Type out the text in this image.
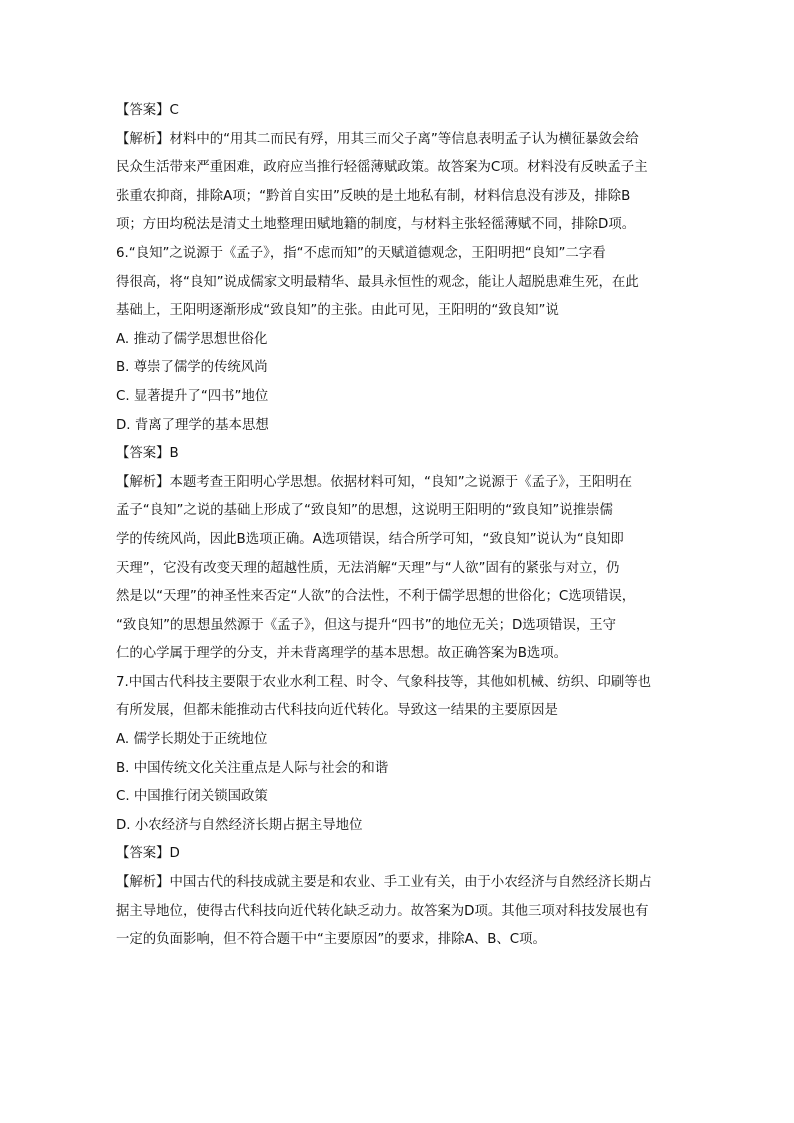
【答案】C

【解析】材料中的“用其二而民有殍，用其三而父子离”等信息表明孟子认为横征暴敛会给

民众生活带来严重困难，政府应当推行轻徭薄赋政策。故答案为C项。材料没有反映孟子主

张重农抑商，排除A项；“黔首自实田”反映的是土地私有制，材料信息没有涉及，排除B

项；方田均税法是清丈土地整理田赋地籍的制度，与材料主张轻徭薄赋不同，排除D项。

6.“良知”之说源于《孟子》，指“不虑而知”的天赋道德观念，王阳明把“良知”二字看

得很高，将“良知”说成儒家文明最精华、最具永恒性的观念，能让人超脱患难生死，在此

基础上，王阳明逐渐形成“致良知”的主张。由此可见，王阳明的“致良知”说

A. 推动了儒学思想世俗化

B. 尊崇了儒学的传统风尚

C. 显著提升了“四书”地位

D. 背离了理学的基本思想

【答案】B

【解析】本题考查王阳明心学思想。依据材料可知，“良知”之说源于《孟子》，王阳明在

孟子“良知”之说的基础上形成了“致良知”的思想，这说明王阳明的“致良知”说推崇儒

学的传统风尚，因此B选项正确。A选项错误，结合所学可知，“致良知”说认为“良知即

天理”，它没有改变天理的超越性质，无法消解“天理”与“人欲”固有的紧张与对立，仍

然是以“天理”的神圣性来否定“人欲”的合法性，不利于儒学思想的世俗化；C选项错误，

“致良知”的思想虽然源于《孟子》，但这与提升“四书”的地位无关；D选项错误，王守

仁的心学属于理学的分支，并未背离理学的基本思想。故正确答案为B选项。

7.中国古代科技主要限于农业水利工程、时令、气象科技等，其他如机械、纺织、印刷等也

有所发展，但都未能推动古代科技向近代转化。导致这一结果的主要原因是

A. 儒学长期处于正统地位

B. 中国传统文化关注重点是人际与社会的和谐

C. 中国推行闭关锁国政策

D. 小农经济与自然经济长期占据主导地位

【答案】D

【解析】中国古代的科技成就主要是和农业、手工业有关，由于小农经济与自然经济长期占

据主导地位，使得古代科技向近代转化缺乏动力。故答案为D项。其他三项对科技发展也有

一定的负面影响，但不符合题干中“主要原因”的要求，排除A、B、C项。
